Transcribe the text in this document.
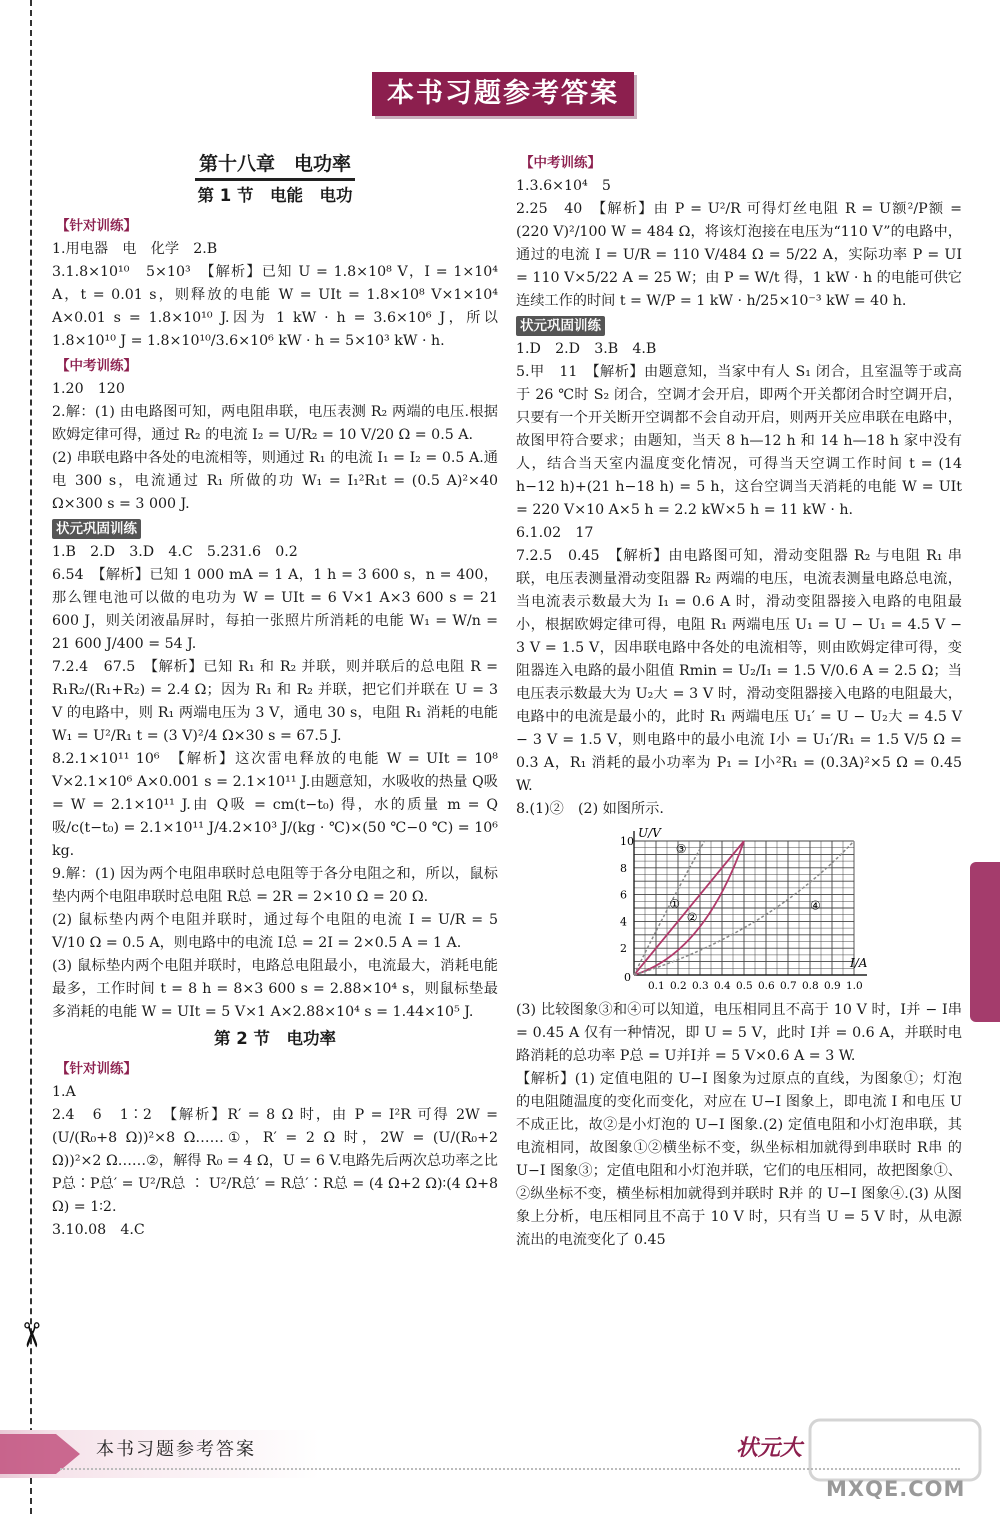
✂
本书习题参考答案
第十八章　电功率
第 1 节　电能　电功
【针对训练】

1.用电器　电　化学　2.B

3.1.8×10¹⁰　5×10³　【解析】已知 U = 1.8×10⁸ V，I = 1×10⁴ A，t = 0.01 s，则释放的电能 W = UIt = 1.8×10⁸ V×1×10⁴ A×0.01 s = 1.8×10¹⁰ J.因为 1 kW · h = 3.6×10⁶ J，所以 1.8×10¹⁰ J = 1.8×10¹⁰/3.6×10⁶ kW · h = 5×10³ kW · h.

【中考训练】

1.20　120

2.解：(1) 由电路图可知，两电阻串联，电压表测 R₂ 两端的电压.根据欧姆定律可得，通过 R₂ 的电流 I₂ = U/R₂ = 10 V/20 Ω = 0.5 A.

(2) 串联电路中各处的电流相等，则通过 R₁ 的电流 I₁ = I₂ = 0.5 A.通电 300 s，电流通过 R₁ 所做的功 W₁ = I₁²R₁t = (0.5 A)²×40 Ω×300 s = 3 000 J.

状元巩固训练

1.B　2.D　3.D　4.C　5.231.6　0.2

6.54　【解析】已知 1 000 mA = 1 A，1 h = 3 600 s，n = 400，那么锂电池可以做的电功为 W = UIt = 6 V×1 A×3 600 s = 21 600 J，则关闭液晶屏时，每拍一张照片所消耗的电能 W₁ = W/n = 21 600 J/400 = 54 J.

7.2.4　67.5　【解析】已知 R₁ 和 R₂ 并联，则并联后的总电阻 R = R₁R₂/(R₁+R₂) = 2.4 Ω；因为 R₁ 和 R₂ 并联，把它们并联在 U = 3 V 的电路中，则 R₁ 两端电压为 3 V，通电 30 s，电阻 R₁ 消耗的电能 W₁ = U²/R₁ t = (3 V)²/4 Ω×30 s = 67.5 J.

8.2.1×10¹¹ 10⁶　【解析】这次雷电释放的电能 W = UIt = 10⁸ V×2.1×10⁶ A×0.001 s = 2.1×10¹¹ J.由题意知，水吸收的热量 Q吸 = W = 2.1×10¹¹ J.由 Q吸 = cm(t−t₀) 得，水的质量 m = Q吸/c(t−t₀) = 2.1×10¹¹ J/4.2×10³ J/(kg · ℃)×(50 ℃−0 ℃) = 10⁶ kg.

9.解：(1) 因为两个电阻串联时总电阻等于各分电阻之和，所以，鼠标垫内两个电阻串联时总电阻 R总 = 2R = 2×10 Ω = 20 Ω.

(2) 鼠标垫内两个电阻并联时，通过每个电阻的电流 I = U/R = 5 V/10 Ω = 0.5 A，则电路中的电流 I总 = 2I = 2×0.5 A = 1 A.

(3) 鼠标垫内两个电阻并联时，电路总电阻最小，电流最大，消耗电能最多，工作时间 t = 8 h = 8×3 600 s = 2.88×10⁴ s，则鼠标垫最多消耗的电能 W = UIt = 5 V×1 A×2.88×10⁴ s = 1.44×10⁵ J.

第 2 节　电功率
【针对训练】

1.A

2.4　6　1∶2　【解析】R′ = 8 Ω 时，由 P = I²R 可得 2W = (U/(R₀+8 Ω))²×8 Ω……①，R′ = 2 Ω 时，2W = (U/(R₀+2 Ω))²×2 Ω……②，解得 R₀ = 4 Ω，U = 6 V.电路先后两次总功率之比 P总∶P总′ = U²/R总 ∶ U²/R总′ = R总′∶R总 = (4 Ω+2 Ω)∶(4 Ω+8 Ω) = 1∶2.

3.10.08　4.C

【中考训练】

1.3.6×10⁴　5

2.25　40　【解析】由 P = U²/R 可得灯丝电阻 R = U额²/P额 = (220 V)²/100 W = 484 Ω，将该灯泡接在电压为“110 V”的电路中，通过的电流 I = U/R = 110 V/484 Ω = 5/22 A，实际功率 P = UI = 110 V×5/22 A = 25 W；由 P = W/t 得，1 kW · h 的电能可供它连续工作的时间 t = W/P = 1 kW · h/25×10⁻³ kW = 40 h.

状元巩固训练

1.D　2.D　3.B　4.B

5.甲　11　【解析】由题意知，当家中有人 S₁ 闭合，且室温等于或高于 26 ℃时 S₂ 闭合，空调才会开启，即两个开关都闭合时空调开启，只要有一个开关断开空调都不会自动开启，则两开关应串联在电路中，故图甲符合要求；由题知，当天 8 h—12 h 和 14 h—18 h 家中没有人，结合当天室内温度变化情况，可得当天空调工作时间 t = (14 h−12 h)+(21 h−18 h) = 5 h，这台空调当天消耗的电能 W = UIt = 220 V×10 A×5 h = 2.2 kW×5 h = 11 kW · h.

6.1.02　17

7.2.5　0.45　【解析】由电路图可知，滑动变阻器 R₂ 与电阻 R₁ 串联，电压表测量滑动变阻器 R₂ 两端的电压，电流表测量电路总电流，当电流表示数最大为 I₁ = 0.6 A 时，滑动变阻器接入电路的电阻最小，根据欧姆定律可得，电阻 R₁ 两端电压 U₁ = U − U₁ = 4.5 V − 3 V = 1.5 V，因串联电路中各处的电流相等，则由欧姆定律可得，变阻器连入电路的最小阻值 Rmin = U₂/I₁ = 1.5 V/0.6 A = 2.5 Ω；当电压表示数最大为 U₂大 = 3 V 时，滑动变阻器接入电路的电阻最大，电路中的电流是最小的，此时 R₁ 两端电压 U₁′ = U − U₂大 = 4.5 V − 3 V = 1.5 V，则电路中的最小电流 I小 = U₁′/R₁ = 1.5 V/5 Ω = 0.3 A，R₁ 消耗的最小功率为 P₁ = I小²R₁ = (0.3A)²×5 Ω = 0.45 W.

8.(1)②　(2) 如图所示.

U/V
I/A
0
2
4
6
8
10
0.1 0.2 0.3 0.4 0.5 0.6 0.7 0.8 0.9 1.0
①
②
③
④

(3) 比较图象③和④可以知道，电压相同且不高于 10 V 时，I并 − I串 = 0.45 A 仅有一种情况，即 U = 5 V，此时 I并 = 0.6 A，并联时电路消耗的总功率 P总 = U并I并 = 5 V×0.6 A = 3 W.

【解析】(1) 定值电阻的 U−I 图象为过原点的直线，为图象①；灯泡的电阻随温度的变化而变化，对应在 U−I 图象上，即电流 I 和电压 U 不成正比，故②是小灯泡的 U−I 图象.(2) 定值电阻和小灯泡串联，其电流相同，故图象①②横坐标不变，纵坐标相加就得到串联时 R串 的 U−I 图象③；定值电阻和小灯泡并联，它们的电压相同，故把图象①、②纵坐标不变，横坐标相加就得到并联时 R并 的 U−I 图象④.(3) 从图象上分析，电压相同且不高于 10 V 时，只有当 U = 5 V 时，从电源流出的电流变化了 0.45

本书习题参考答案	状元大
MXQE.COM
